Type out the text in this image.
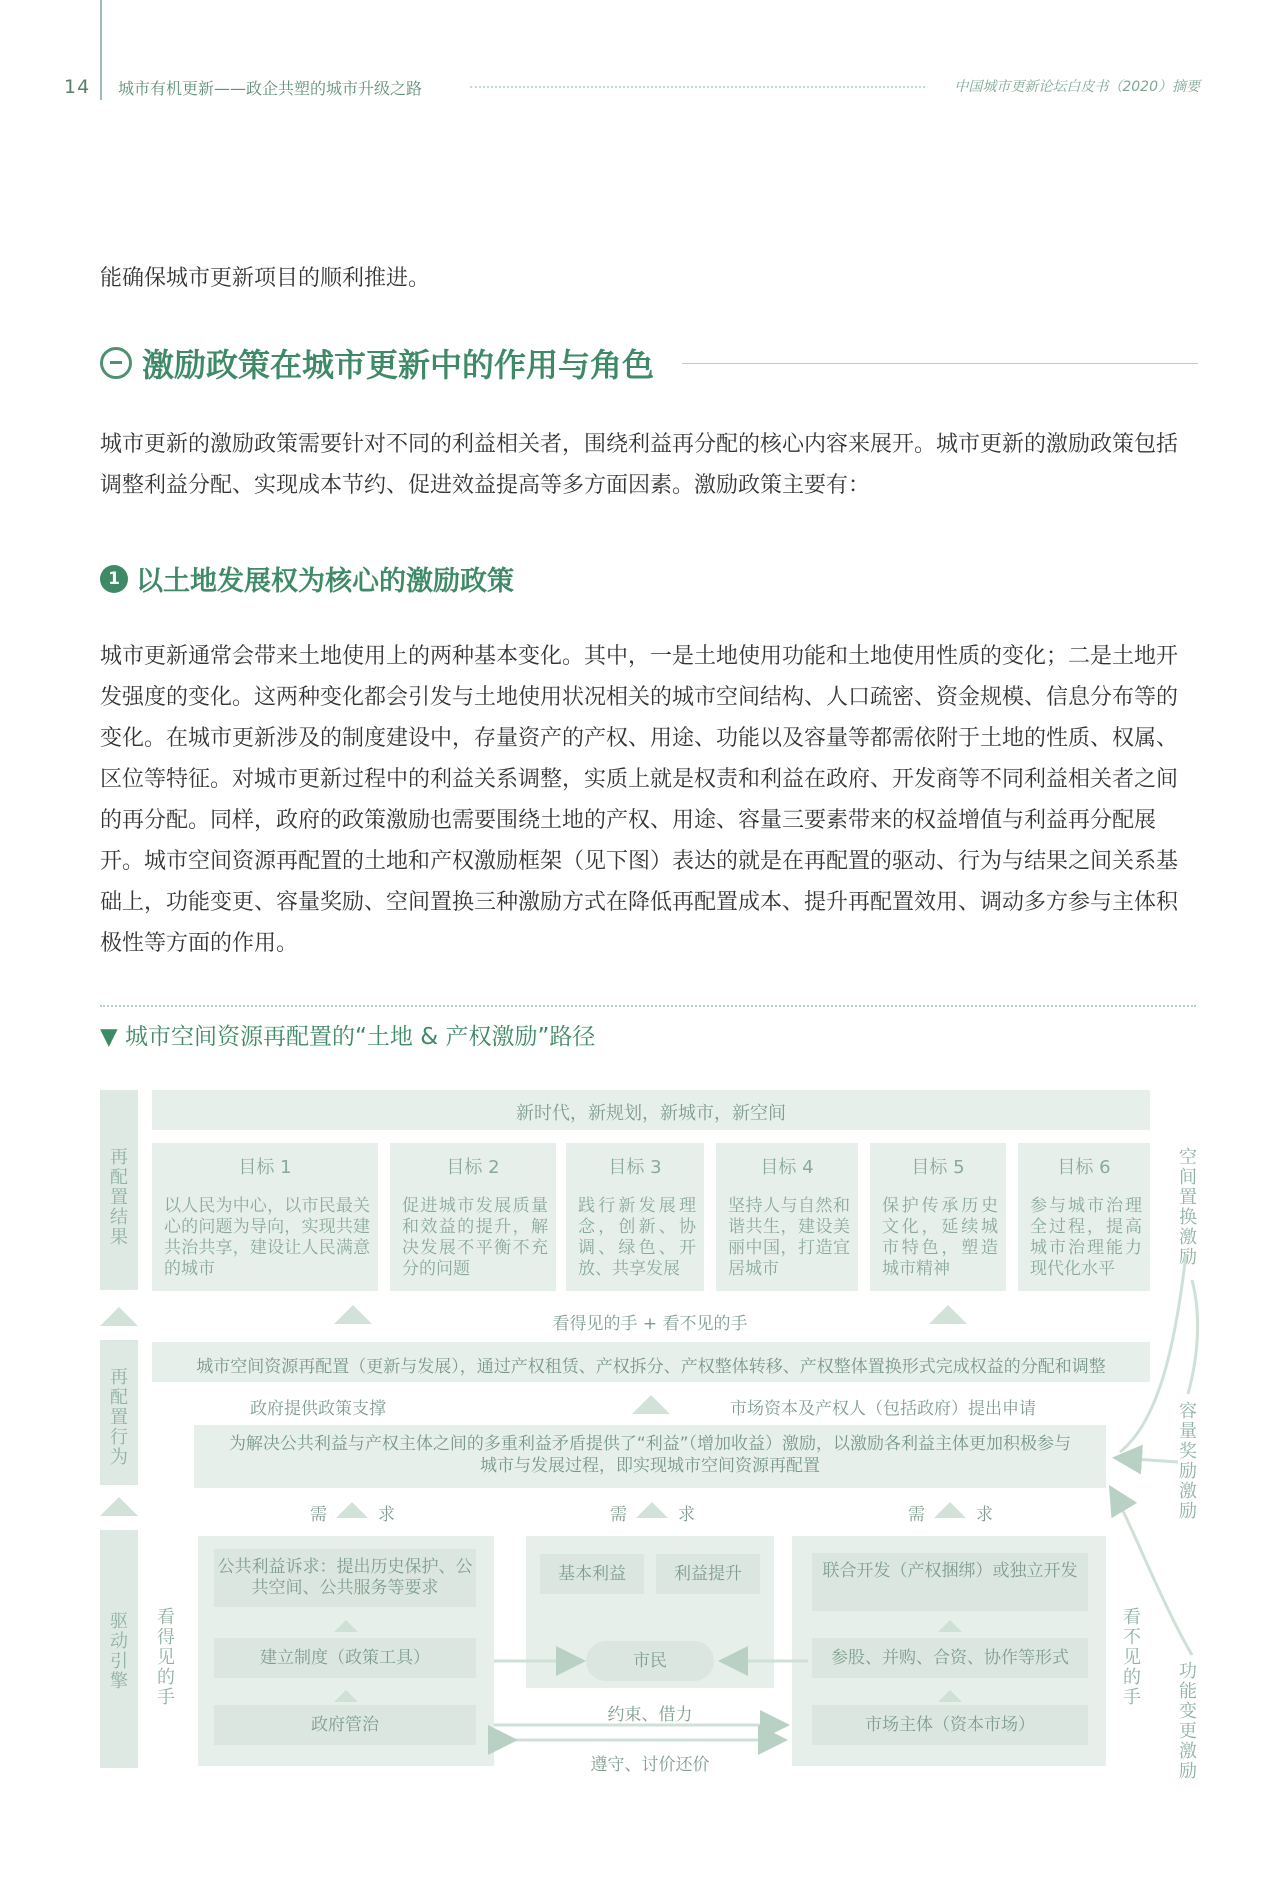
14 城市有机更新——政企共塑的城市升级之路	中国城市更新论坛白皮书（2020）摘要
能确保城市更新项目的顺利推进。
激励政策在城市更新中的作用与角色
城市更新的激励政策需要针对不同的利益相关者，围绕利益再分配的核心内容来展开。城市更新的激励政策包括调整利益分配、实现成本节约、促进效益提高等多方面因素。激励政策主要有：
1 以土地发展权为核心的激励政策
城市更新通常会带来土地使用上的两种基本变化。其中，一是土地使用功能和土地使用性质的变化；二是土地开发强度的变化。这两种变化都会引发与土地使用状况相关的城市空间结构、人口疏密、资金规模、信息分布等的变化。在城市更新涉及的制度建设中，存量资产的产权、用途、功能以及容量等都需依附于土地的性质、权属、区位等特征。对城市更新过程中的利益关系调整，实质上就是权责和利益在政府、开发商等不同利益相关者之间的再分配。同样，政府的政策激励也需要围绕土地的产权、用途、容量三要素带来的权益增值与利益再分配展开。城市空间资源再配置的土地和产权激励框架（见下图）表达的就是在再配置的驱动、行为与结果之间关系基础上，功能变更、容量奖励、空间置换三种激励方式在降低再配置成本、提升再配置效用、调动多方参与主体积极性等方面的作用。
▼ 城市空间资源再配置的“土地 & 产权激励”路径
再配置结果
再配置行为
驱动引擎
新时代，新规划，新城市，新空间
目标 1
以人民为中心，以市民最关心的问题为导向，实现共建共治共享，建设让人民满意的城市
目标 2
促进城市发展质量和效益的提升，解决发展不平衡不充分的问题
目标 3
践行新发展理念，创新、协调、绿色、开放、共享发展
目标 4
坚持人与自然和谐共生，建设美丽中国，打造宜居城市
目标 5
保护传承历史文化，延续城市特色，塑造城市精神
目标 6
参与城市治理全过程，提高城市治理能力现代化水平
看得见的手 + 看不见的手
城市空间资源再配置（更新与发展），通过产权租赁、产权拆分、产权整体转移、产权整体置换形式完成权益的分配和调整
政府提供政策支撑	市场资本及产权人（包括政府）提出申请
为解决公共利益与产权主体之间的多重利益矛盾提供了“利益”（增加收益）激励，以激励各利益主体更加积极参与城市与发展过程，即实现城市空间资源再配置
需	求	需	求	需	求
看得见的手
看不见的手
公共利益诉求：提出历史保护、公共空间、公共服务等要求
建立制度（政策工具）
政府管治
基本利益	利益提升
市民
约束、借力
遵守、讨价还价
联合开发（产权捆绑）或独立开发
参股、并购、合资、协作等形式
市场主体（资本市场）
空间置换激励
容量奖励激励
功能变更激励
